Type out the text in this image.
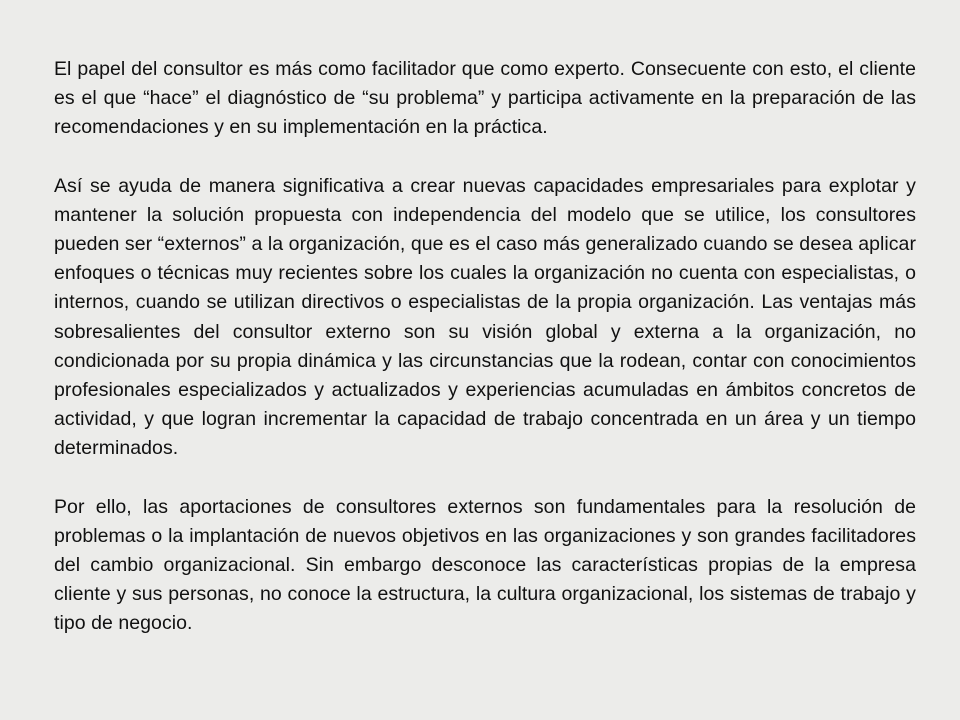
El papel del consultor es más como facilitador que como experto. Consecuente con esto, el cliente es el que “hace” el diagnóstico de “su problema” y participa activamente en la preparación de las recomendaciones y en su implementación en la práctica.

Así se ayuda de manera significativa a crear nuevas capacidades empresariales para explotar y mantener la solución propuesta con independencia del modelo que se utilice, los consultores pueden ser “externos” a la organización, que es el caso más generalizado cuando se desea aplicar enfoques o técnicas muy recientes sobre los cuales la organización no cuenta con especialistas, o internos, cuando se utilizan directivos o especialistas de la propia organización. Las ventajas más sobresalientes del consultor externo son su visión global y externa a la organización, no condicionada por su propia dinámica y las circunstancias que la rodean, contar con conocimientos profesionales especializados y actualizados y experiencias acumuladas en ámbitos concretos de actividad, y que logran incrementar la capacidad de trabajo concentrada en un área y un tiempo determinados.

Por ello, las aportaciones de consultores externos son fundamentales para la resolución de problemas o la implantación de nuevos objetivos en las organizaciones y son grandes facilitadores del cambio organizacional. Sin embargo desconoce las características propias de la empresa cliente y sus personas, no conoce la estructura, la cultura organizacional, los sistemas de trabajo y tipo de negocio.
